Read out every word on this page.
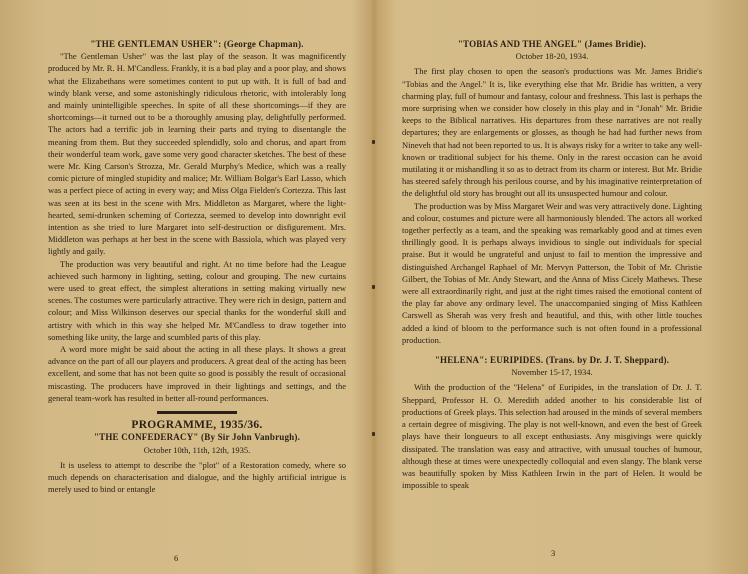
"THE GENTLEMAN USHER": (George Chapman).

"The Gentleman Usher" was the last play of the season. It was magnificently produced by Mr. R. H. M'Candless. Frankly, it is a bad play and a poor play, and shows what the Elizabethans were sometimes content to put up with. It is full of bad and windy blank verse, and some astonishingly ridiculous rhetoric, with intolerably long and mainly unintelligible speeches. In spite of all these shortcomings—if they are shortcomings—it turned out to be a thoroughly amusing play, delightfully performed. The actors had a terrific job in learning their parts and trying to disentangle the meaning from them. But they succeeded splendidly, solo and chorus, and apart from their wonderful team work, gave some very good character sketches. The best of these were Mr. King Carson's Strozza, Mr. Gerald Murphy's Medice, which was a really comic picture of mingled stupidity and malice; Mr. William Bolgar's Earl Lasso, which was a perfect piece of acting in every way; and Miss Olga Fielden's Cortezza. This last was seen at its best in the scene with Mrs. Middleton as Margaret, where the light-hearted, semi-drunken scheming of Cortezza, seemed to develop into downright evil intention as she tried to lure Margaret into self-destruction or disfigurement. Mrs. Middleton was perhaps at her best in the scene with Bassiola, which was played very lightly and gaily.

The production was very beautiful and right. At no time before had the League achieved such harmony in lighting, setting, colour and grouping. The new curtains were used to great effect, the simplest alterations in setting making virtually new scenes. The costumes were particularly attractive. They were rich in design, pattern and colour; and Miss Wilkinson deserves our special thanks for the wonderful skill and artistry with which in this way she helped Mr. M'Candless to draw together into something like unity, the large and scumbled parts of this play.

A word more might be said about the acting in all these plays. It shows a great advance on the part of all our players and producers. A great deal of the acting has been excellent, and some that has not been quite so good is possibly the result of occasional miscasting. The producers have improved in their lightings and settings, and the general team-work has resulted in better all-round performances.

PROGRAMME, 1935/36.
"THE CONFEDERACY" (By Sir John Vanbrugh).
October 10th, 11th, 12th, 1935.

It is useless to attempt to describe the "plot" of a Restoration comedy, where so much depends on characterisation and dialogue, and the highly artificial intrigue is merely used to bind or entangle

6
"TOBIAS AND THE ANGEL" (James Bridie).
October 18-20, 1934.

The first play chosen to open the season's productions was Mr. James Bridie's "Tobias and the Angel." It is, like everything else that Mr. Bridie has written, a very charming play, full of humour and fantasy, colour and freshness. This last is perhaps the more surprising when we consider how closely in this play and in "Jonah" Mr. Bridie keeps to the Biblical narratives. His departures from these narratives are not really departures; they are enlargements or glosses, as though he had had further news from Nineveh that had not been reported to us. It is always risky for a writer to take any well-known or traditional subject for his theme. Only in the rarest occasion can he avoid mutilating it or mishandling it so as to detract from its charm or interest. But Mr. Bridie has steered safely through his perilous course, and by his imaginative reinterpretation of the delightful old story has brought out all its unsuspected humour and colour.

The production was by Miss Margaret Weir and was very attractively done. Lighting and colour, costumes and picture were all harmoniously blended. The actors all worked together perfectly as a team, and the speaking was remarkably good and at times even thrillingly good. It is perhaps always invidious to single out individuals for special praise. But it would be ungrateful and unjust to fail to mention the impressive and distinguished Archangel Raphael of Mr. Mervyn Patterson, the Tobit of Mr. Christie Gilbert, the Tobias of Mr. Andy Stewart, and the Anna of Miss Cicely Mathews. These were all extraordinarily right, and just at the right times raised the emotional content of the play far above any ordinary level. The unaccompanied singing of Miss Kathleen Carswell as Sherah was very fresh and beautiful, and this, with other little touches added a kind of bloom to the performance such is not often found in a professional production.

"HELENA": EURIPIDES. (Trans. by Dr. J. T. Sheppard).
November 15-17, 1934.

With the production of the "Helena" of Euripides, in the translation of Dr. J. T. Sheppard, Professor H. O. Meredith added another to his considerable list of productions of Greek plays. This selection had aroused in the minds of several members a certain degree of misgiving. The play is not well-known, and even the best of Greek plays have their longueurs to all except enthusiasts. Any misgivings were quickly dissipated. The translation was easy and attractive, with unusual touches of humour, although these at times were unexpectedly colloquial and even slangy. The blank verse was beautifully spoken by Miss Kathleen Irwin in the part of Helen. It would be impossible to speak

3
